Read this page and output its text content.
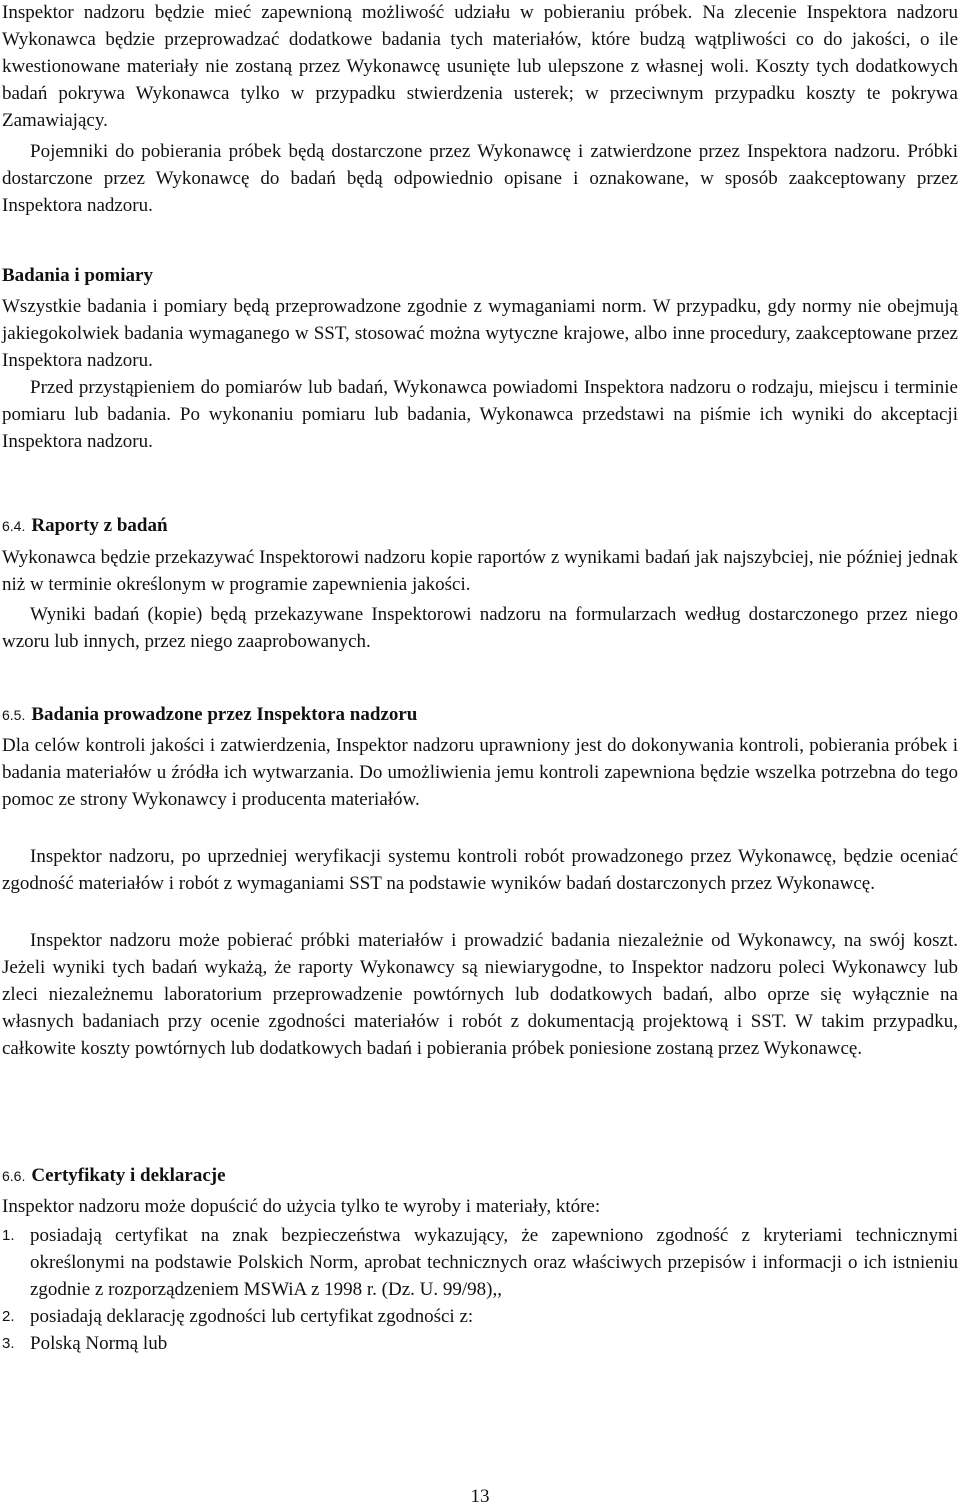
Inspektor nadzoru będzie mieć zapewnioną możliwość udziału w pobieraniu próbek. Na zlecenie Inspektora nadzoru Wykonawca będzie przeprowadzać dodatkowe badania tych materiałów, które budzą wątpliwości co do jakości, o ile kwestionowane materiały nie zostaną przez Wykonawcę usunięte lub ulepszone z własnej woli. Koszty tych dodatkowych badań pokrywa Wykonawca tylko w przypadku stwierdzenia usterek; w przeciwnym przypadku koszty te pokrywa Zamawiający.

Pojemniki do pobierania próbek będą dostarczone przez Wykonawcę i zatwierdzone przez Inspektora nadzoru. Próbki dostarczone przez Wykonawcę do badań będą odpowiednio opisane i oznakowane, w sposób zaakceptowany przez Inspektora nadzoru.

Badania i pomiary

Wszystkie badania i pomiary będą przeprowadzone zgodnie z wymaganiami norm. W przypadku, gdy normy nie obejmują jakiegokolwiek badania wymaganego w SST, stosować można wytyczne krajowe, albo inne procedury, zaakceptowane przez Inspektora nadzoru.

Przed przystąpieniem do pomiarów lub badań, Wykonawca powiadomi Inspektora nadzoru o rodzaju, miejscu i terminie pomiaru lub badania. Po wykonaniu pomiaru lub badania, Wykonawca przedstawi na piśmie ich wyniki do akceptacji Inspektora nadzoru.

6.4. Raporty z badań

Wykonawca będzie przekazywać Inspektorowi nadzoru kopie raportów z wynikami badań jak najszybciej, nie później jednak niż w terminie określonym w programie zapewnienia jakości.

Wyniki badań (kopie) będą przekazywane Inspektorowi nadzoru na formularzach według dostarczonego przez niego wzoru lub innych, przez niego zaaprobowanych.

6.5. Badania prowadzone przez Inspektora nadzoru

Dla celów kontroli jakości i zatwierdzenia, Inspektor nadzoru uprawniony jest do dokonywania kontroli, pobierania próbek i badania materiałów u źródła ich wytwarzania. Do umożliwienia jemu kontroli zapewniona będzie wszelka potrzebna do tego pomoc ze strony Wykonawcy i producenta materiałów.

Inspektor nadzoru, po uprzedniej weryfikacji systemu kontroli robót prowadzonego przez Wykonawcę, będzie oceniać zgodność materiałów i robót z wymaganiami SST na podstawie wyników badań dostarczonych przez Wykonawcę.

Inspektor nadzoru może pobierać próbki materiałów i prowadzić badania niezależnie od Wykonawcy, na swój koszt. Jeżeli wyniki tych badań wykażą, że raporty Wykonawcy są niewiarygodne, to Inspektor nadzoru poleci Wykonawcy lub zleci niezależnemu laboratorium przeprowadzenie powtórnych lub dodatkowych badań, albo oprze się wyłącznie na własnych badaniach przy ocenie zgodności materiałów i robót z dokumentacją projektową i SST. W takim przypadku, całkowite koszty powtórnych lub dodatkowych badań i pobierania próbek poniesione zostaną przez Wykonawcę.

6.6. Certyfikaty i deklaracje

Inspektor nadzoru może dopuścić do użycia tylko te wyroby i materiały, które:

1. posiadają certyfikat na znak bezpieczeństwa wykazujący, że zapewniono zgodność z kryteriami technicznymi określonymi na podstawie Polskich Norm, aprobat technicznych oraz właściwych przepisów i informacji o ich istnieniu zgodnie z rozporządzeniem MSWiA z 1998 r. (Dz. U. 99/98),,
2. posiadają deklarację zgodności lub certyfikat zgodności z:
3. Polską Normą lub
13
